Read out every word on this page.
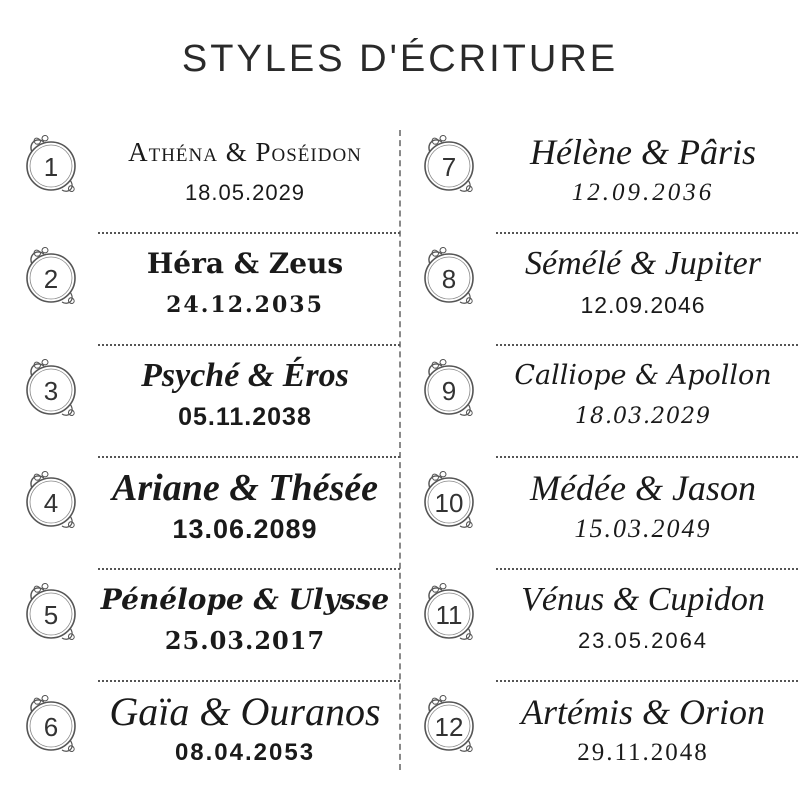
STYLES D'ÉCRITURE
1	Athéna & Poséidon
18.05.2029
2	Héra & Zeus
24.12.2035
3	Psyché & Éros
05.11.2038
4	Ariane & Thésée
13.06.2089
5	Pénélope & Ulysse
25.03.2017
6	Gaïa & Ouranos
08.04.2053
7	Hélène & Pâris
12.09.2036
8	Sémélé & Jupiter
12.09.2046
9	Calliope & Apollon
18.03.2029
10	Médée & Jason
15.03.2049
11	Vénus & Cupidon
23.05.2064
12	Artémis & Orion
29.11.2048
